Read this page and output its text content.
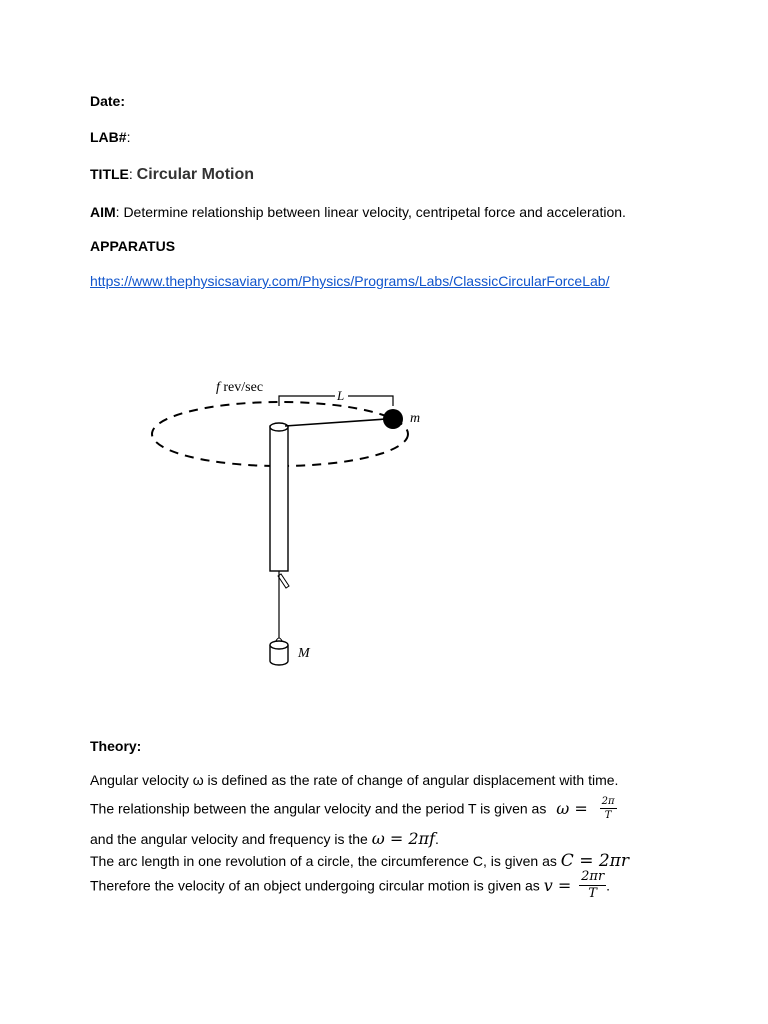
Date:
LAB#:
TITLE: Circular Motion
AIM: Determine relationship between linear velocity, centripetal force and acceleration.
APPARATUS
https://www.thephysicsaviary.com/Physics/Programs/Labs/ClassicCircularForceLab/
L
f rev/sec
m
M
Theory:
Angular velocity ω is defined as the rate of change of angular displacement with time.
The relationship between the angular velocity and the period T is given as $\omega = \frac{2\pi}{T}$
and the angular velocity and frequency is the ω = 2πf.
The arc length in one revolution of a circle, the circumference C, is given as C = 2πr
Therefore the velocity of an object undergoing circular motion is given as $v = \frac{2\pi r}{T}$ .
